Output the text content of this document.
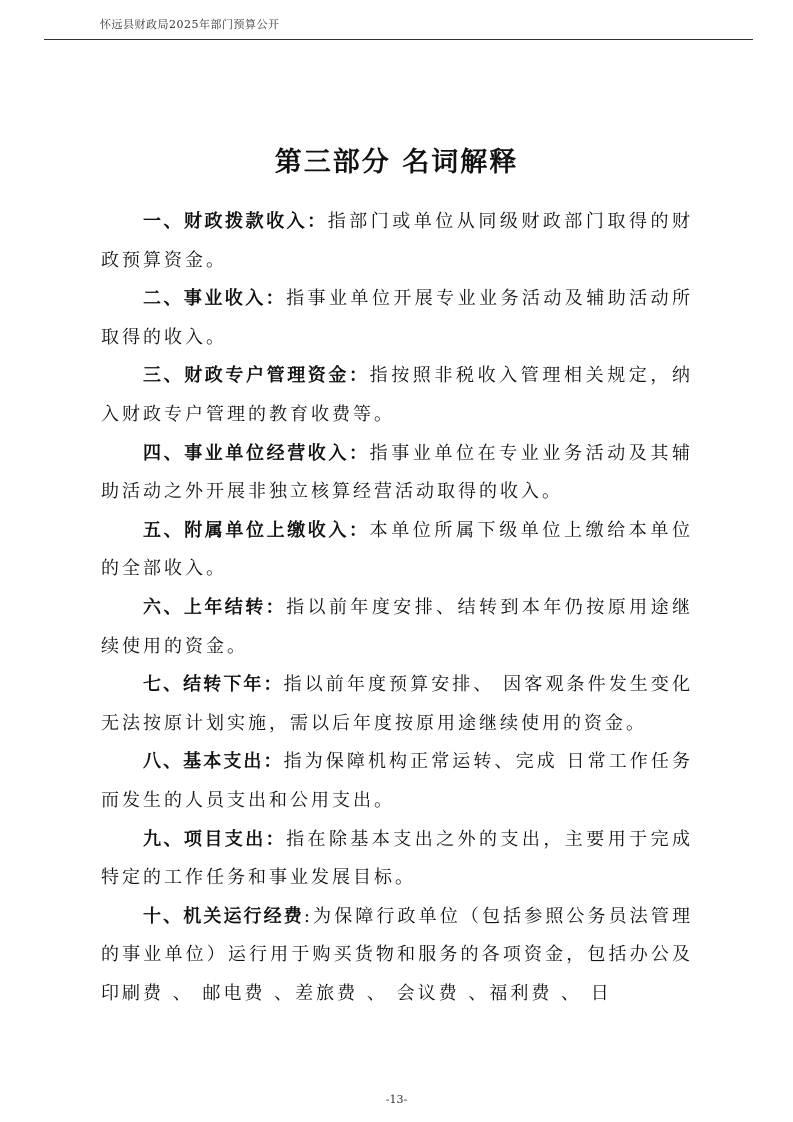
怀远县财政局2025年部门预算公开
第三部分 名词解释

一、财政拨款收入：指部门或单位从同级财政部门取得的财政预算资金。

二、事业收入：指事业单位开展专业业务活动及辅助活动所取得的收入。

三、财政专户管理资金：指按照非税收入管理相关规定，纳入财政专户管理的教育收费等。

四、事业单位经营收入：指事业单位在专业业务活动及其辅助活动之外开展非独立核算经营活动取得的收入。

五、附属单位上缴收入：本单位所属下级单位上缴给本单位的全部收入。

六、上年结转：指以前年度安排、结转到本年仍按原用途继续使用的资金。

七、结转下年：指以前年度预算安排、 因客观条件发生变化无法按原计划实施，需以后年度按原用途继续使用的资金。

八、基本支出：指为保障机构正常运转、完成 日常工作任务而发生的人员支出和公用支出。

九、项目支出：指在除基本支出之外的支出，主要用于完成特定的工作任务和事业发展目标。

十、机关运行经费:为保障行政单位（包括参照公务员法管理的事业单位）运行用于购买货物和服务的各项资金，包括办公及印刷费 、 邮电费 、差旅费 、 会议费 、福利费 、 日

-13-
